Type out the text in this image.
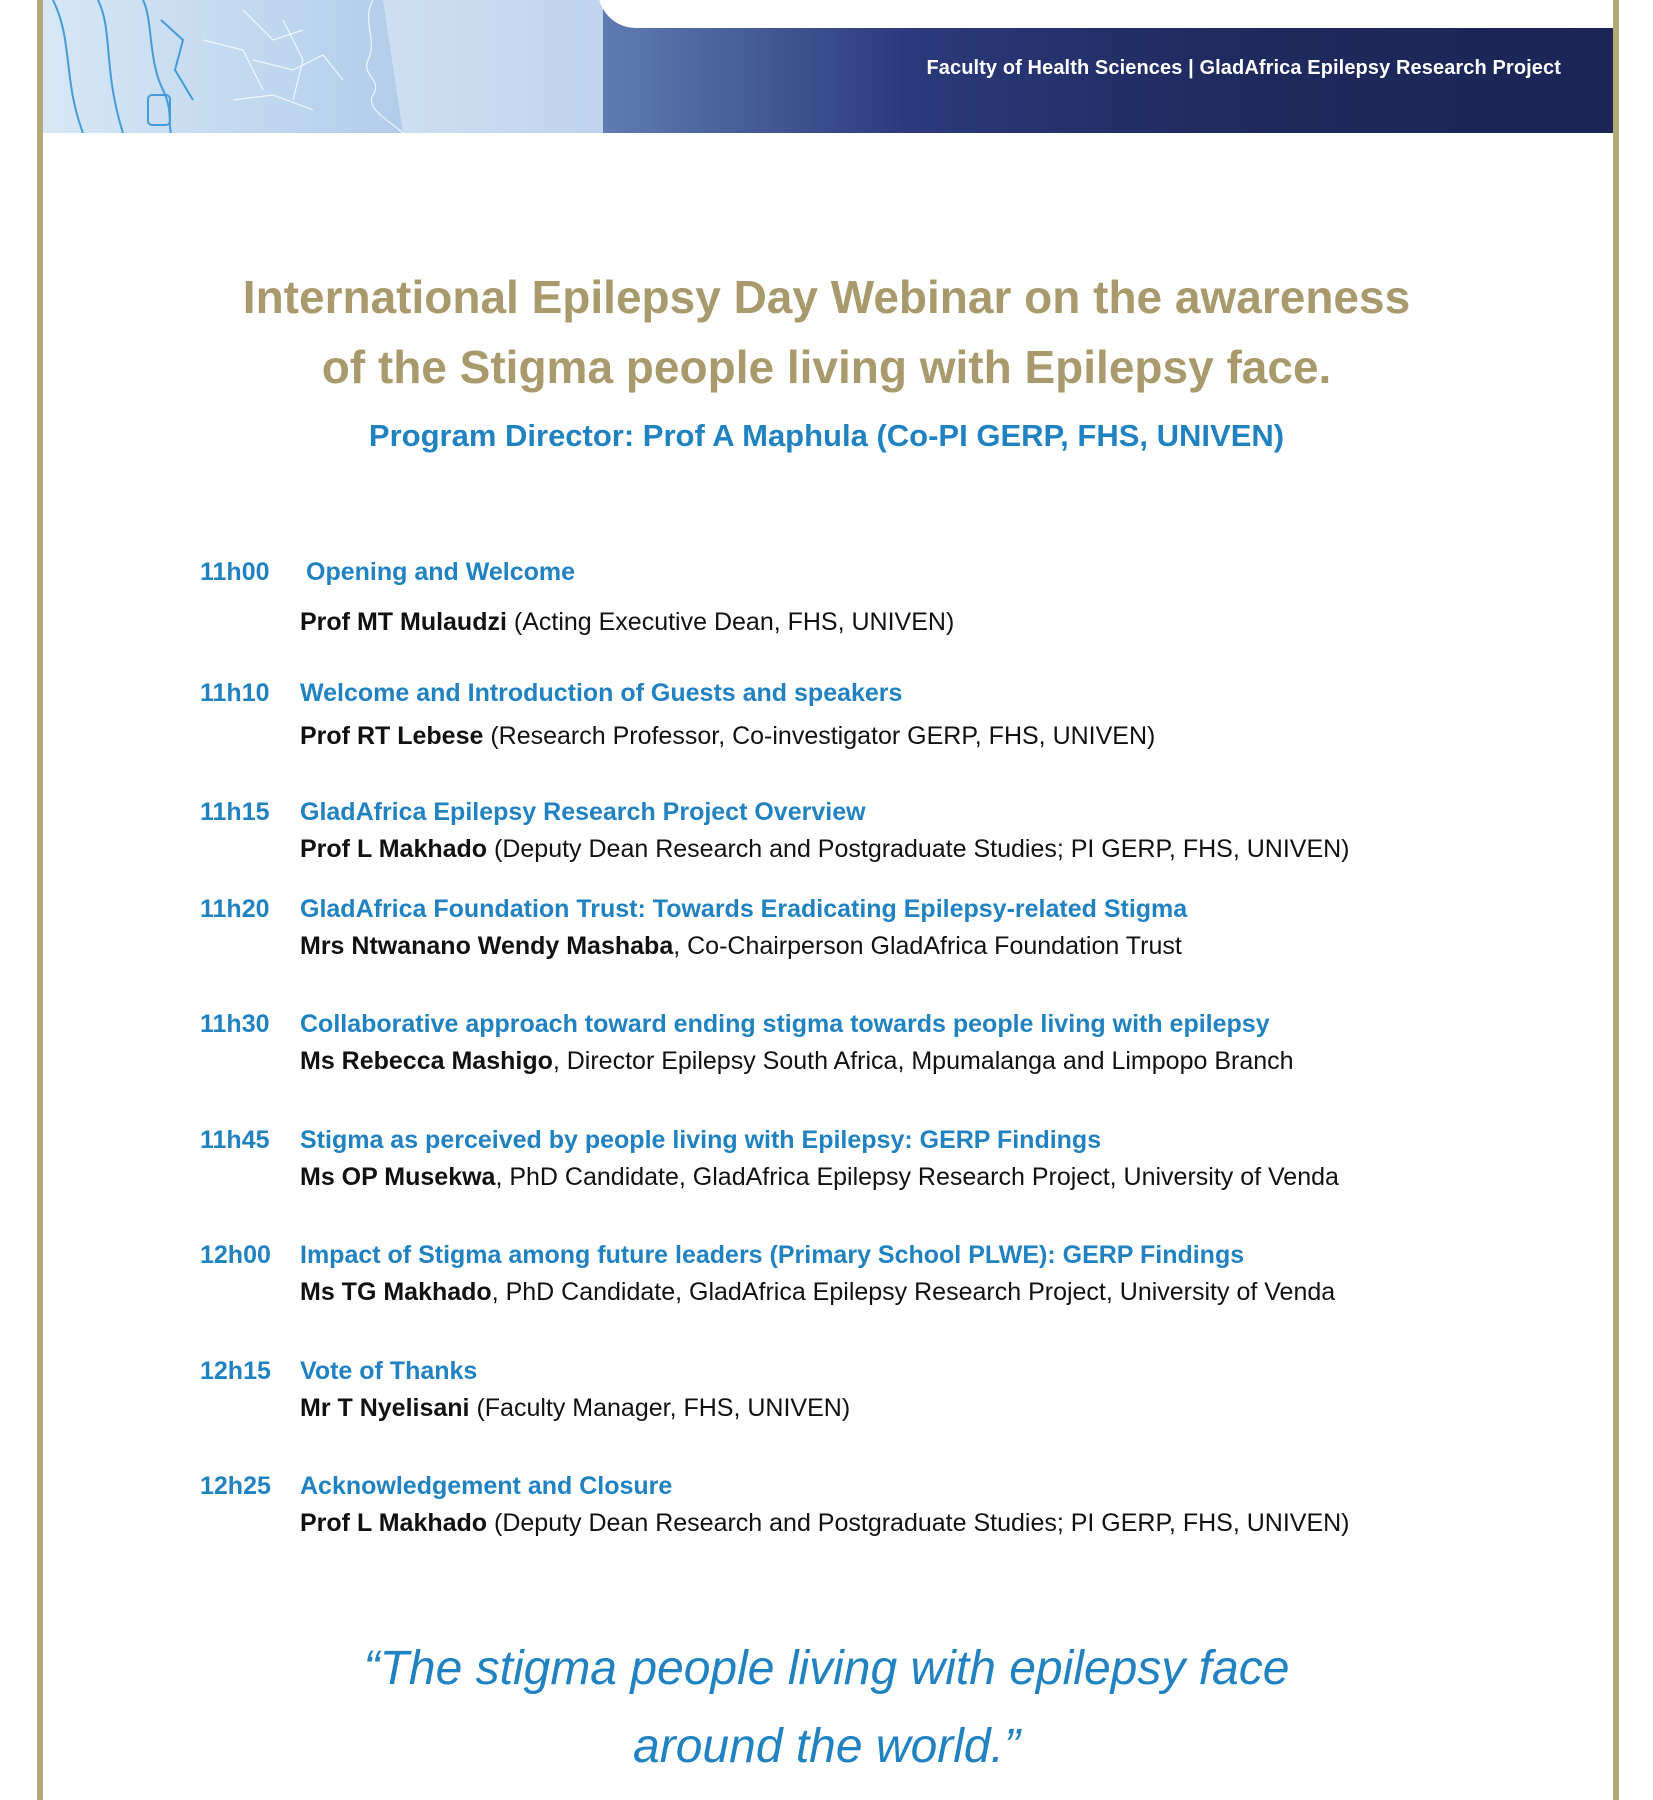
Faculty of Health Sciences | GladAfrica Epilepsy Research Project
International Epilepsy Day Webinar on the awareness
of the Stigma people living with Epilepsy face.

Program Director: Prof A Maphula (Co-PI GERP, FHS, UNIVEN)

11h00	Opening and Welcome
Prof MT Mulaudzi (Acting Executive Dean, FHS, UNIVEN)
11h10	Welcome and Introduction of Guests and speakers
Prof RT Lebese (Research Professor, Co-investigator GERP, FHS, UNIVEN)
11h15	GladAfrica Epilepsy Research Project Overview
Prof L Makhado (Deputy Dean Research and Postgraduate Studies; PI GERP, FHS, UNIVEN)
11h20	GladAfrica Foundation Trust: Towards Eradicating Epilepsy-related Stigma
Mrs Ntwanano Wendy Mashaba, Co-Chairperson GladAfrica Foundation Trust
11h30	Collaborative approach toward ending stigma towards people living with epilepsy
Ms Rebecca Mashigo, Director Epilepsy South Africa, Mpumalanga and Limpopo Branch
11h45	Stigma as perceived by people living with Epilepsy: GERP Findings
Ms OP Musekwa, PhD Candidate, GladAfrica Epilepsy Research Project, University of Venda
12h00	Impact of Stigma among future leaders (Primary School PLWE): GERP Findings
Ms TG Makhado, PhD Candidate, GladAfrica Epilepsy Research Project, University of Venda
12h15	Vote of Thanks
Mr T Nyelisani (Faculty Manager, FHS, UNIVEN)
12h25	Acknowledgement and Closure
Prof L Makhado (Deputy Dean Research and Postgraduate Studies; PI GERP, FHS, UNIVEN)

“The stigma people living with epilepsy face
around the world.”
